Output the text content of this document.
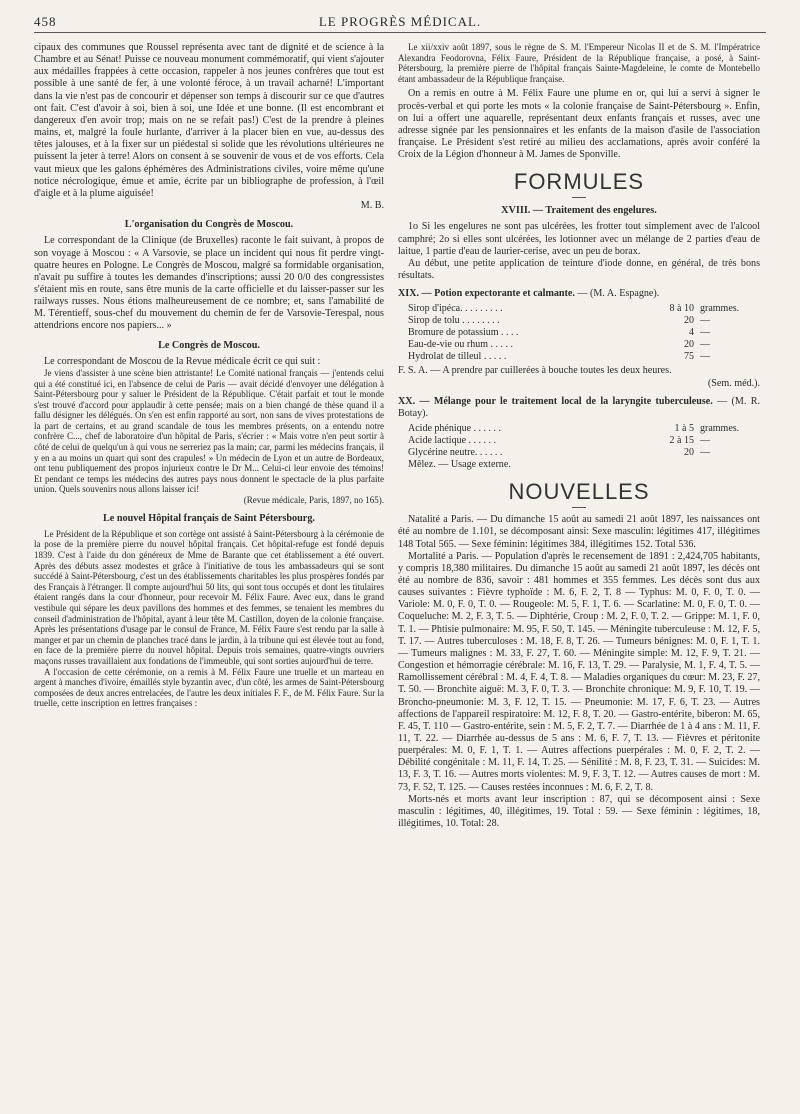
458	LE PROGRÈS MÉDICAL.

cipaux des communes que Roussel représenta avec tant de dignité et de science à la Chambre et au Sénat! Puisse ce nouveau monument commémoratif, qui vient s'ajouter aux médailles frappées à cette occasion, rappeler à nos jeunes confrères que tout est possible à une santé de fer, à une volonté féroce, à un travail acharné! L'important dans la vie n'est pas de concourir et dépenser son temps à discourir sur ce que d'autres ont fait. C'est d'avoir à soi, bien à soi, une Idée et une bonne. (Il est encombrant et dangereux d'en avoir trop; mais on ne se refait pas!) C'est de la prendre à pleines mains, et, malgré la foule hurlante, d'arriver à la placer bien en vue, au-dessus des têtes jalouses, et à la fixer sur un piédestal si solide que les révolutions ultérieures ne puissent la jeter à terre! Alors on consent à se souvenir de vous et de vos efforts. Cela vaut mieux que les galons éphémères des Administrations civiles, voire même qu'une notice nécrologique, émue et amie, écrite par un bibliographe de profession, à l'œil d'aigle et à la plume aiguisée!

M. B.

L'organisation du Congrès de Moscou.

Le correspondant de la Clinique (de Bruxelles) raconte le fait suivant, à propos de son voyage à Moscou : « A Varsovie, se place un incident qui nous fit perdre vingt-quatre heures en Pologne. Le Congrès de Moscou, malgré sa formidable organisation, n'avait pu suffire à toutes les demandes d'inscriptions; aussi 20 0/0 des congressistes s'étaient mis en route, sans être munis de la carte officielle et du laisser-passer sur les railways russes. Nous étions malheureusement de ce nombre; et, sans l'amabilité de M. Térentieff, sous-chef du mouvement du chemin de fer de Varsovie-Terespal, nous attendrions encore nos papiers... »

Le Congrès de Moscou.

Le correspondant de Moscou de la Revue médicale écrit ce qui suit :

Je viens d'assister à une scène bien attristante! Le Comité national français — j'entends celui qui a été constitué ici, en l'absence de celui de Paris — avait décidé d'envoyer une délégation à Saint-Pétersbourg pour y saluer le Président de la République. C'était parfait et tout le monde s'est trouvé d'accord pour applaudir à cette pensée; mais on a bien changé de thèse quand il a fallu désigner les délégués. On s'en est enfin rapporté au sort, non sans de vives protestations de la part de certains, et au grand scandale de tous les membres présents, on a entendu notre confrère C..., chef de laboratoire d'un hôpital de Paris, s'écrier : « Mais votre n'en peut sortir à côté de celui de quelqu'un à qui vous ne serreriez pas la main; car, parmi les médecins français, il y en a au moins un quart qui sont des crapules! » Un médecin de Lyon et un autre de Bordeaux, ont tenu publiquement des propos injurieux contre le Dr M... Celui-ci leur envoie des témoins! Et pendant ce temps les médecins des autres pays nous donnent le spectacle de la plus parfaite union. Quels souvenirs nous allons laisser ici!

(Revue médicale, Paris, 1897, no 165).

Le nouvel Hôpital français de Saint Pétersbourg.

Le Président de la République et son cortège ont assisté à Saint-Pétersbourg à la cérémonie de la pose de la première pierre du nouvel hôpital français. Cet hôpital-refuge est fondé depuis 1839. C'est à l'aide du don généreux de Mme de Barante que cet établissement a été ouvert. Après des débuts assez modestes et grâce à l'initiative de tous les ambassadeurs qui se sont succédé à Saint-Pétersbourg, c'est un des établissements charitables les plus prospères fondés par des Français à l'étranger. Il compte aujourd'hui 50 lits, qui sont tous occupés et dont les titulaires étaient rangés dans la cour d'honneur, pour recevoir M. Félix Faure. Avec eux, dans le grand vestibule qui sépare les deux pavillons des hommes et des femmes, se tenaient les membres du conseil d'administration de l'hôpital, ayant à leur tête M. Castillon, doyen de la colonie française. Après les présentations d'usage par le consul de France, M. Félix Faure s'est rendu par la salle à manger et par un chemin de planches tracé dans le jardin, à la tribune qui est élevée tout au fond, en face de la première pierre du nouvel hôpital. Depuis trois semaines, quatre-vingts ouvriers maçons russes travaillaient aux fondations de l'immeuble, qui sont sorties aujourd'hui de terre.

A l'occasion de cette cérémonie, on a remis à M. Félix Faure une truelle et un marteau en argent à manches d'ivoire, émaillés style byzantin avec, d'un côté, les armes de Saint-Pétersbourg composées de deux ancres entrelacées, de l'autre les deux initiales F. F., de M. Félix Faure. Sur la truelle, cette inscription en lettres françaises :

Le xii/xxiv août 1897, sous le règne de S. M. l'Empereur Nicolas II et de S. M. l'Impératrice Alexandra Feodorovna, Félix Faure, Président de la République française, a posé, à Saint-Pétersbourg, la première pierre de l'hôpital français Sainte-Magdeleine, le comte de Montebello étant ambassadeur de la République française.

On a remis en outre à M. Félix Faure une plume en or, qui lui a servi à signer le procès-verbal et qui porte les mots « la colonie française de Saint-Pétersbourg ». Enfin, on lui a offert une aquarelle, représentant deux enfants français et russes, avec une adresse signée par les pensionnaires et les enfants de la maison d'asile de l'association française. Le Président s'est retiré au milieu des acclamations, après avoir conféré la Croix de la Légion d'honneur à M. James de Sponville.

FORMULES

XVIII. — Traitement des engelures.

1o Si les engelures ne sont pas ulcérées, les frotter tout simplement avec de l'alcool camphré; 2o si elles sont ulcérées, les lotionner avec un mélange de 2 parties d'eau de laitue, 1 partie d'eau de laurier-cerise, avec un peu de borax.

Au début, une petite application de teinture d'iode donne, en général, de très bons résultats.

XIX. — Potion expectorante et calmante. — (M. A. Espagne).

Sirop d'ipéca. . . . . . . . .	8 à 10	grammes.
Sirop de tolu . . . . . . . .	20	—
Bromure de potassium . . . .	4	—
Eau-de-vie ou rhum . . . . .	20	—
Hydrolat de tilleul . . . . .	75	—

F. S. A. — A prendre par cuillerées à bouche toutes les deux heures.

(Sem. méd.).

XX. — Mélange pour le traitement local de la laryngite tuberculeuse. — (M. R. Botay).

Acide phénique . . . . . .	1 à 5	grammes.
Acide lactique . . . . . .	2 à 15	—
Glycérine neutre. . . . . .	20	—

Mêlez. — Usage externe.

NOUVELLES

Natalité a Paris. — Du dimanche 15 août au samedi 21 août 1897, les naissances ont été au nombre de 1.101, se décomposant ainsi: Sexe masculin: légitimes 417, illégitimes 148 Total 565. — Sexe féminin: légitimes 384, illégitimes 152. Total 536.

Mortalité a Paris. — Population d'après le recensement de 1891 : 2,424,705 habitants, y compris 18,380 militaires. Du dimanche 15 août au samedi 21 août 1897, les décès ont été au nombre de 836, savoir : 481 hommes et 355 femmes. Les décès sont dus aux causes suivantes : Fièvre typhoïde : M. 6, F. 2, T. 8 — Typhus: M. 0, F. 0, T. 0. — Variole: M. 0, F. 0, T. 0. — Rougeole: M. 5, F. 1, T. 6. — Scarlatine: M. 0, F. 0, T. 0. — Coqueluche: M. 2, F. 3, T. 5. — Diphtérie, Croup : M. 2, F. 0, T. 2. — Grippe: M. 1, F. 0, T. 1. — Phtisie pulmonaire: M. 95, F. 50, T. 145. — Méningite tuberculeuse : M. 12, F. 5, T. 17. — Autres tuberculoses : M. 18, F. 8, T. 26. — Tumeurs bénignes: M. 0, F. 1, T. 1. — Tumeurs malignes : M. 33, F. 27, T. 60. — Méningite simple: M. 12, F. 9, T. 21. — Congestion et hémorragie cérébrale: M. 16, F. 13, T. 29. — Paralysie, M. 1, F. 4, T. 5. — Ramollissement cérébral : M. 4, F. 4, T. 8. — Maladies organiques du cœur: M. 23, F. 27, T. 50. — Bronchite aiguë: M. 3, F. 0, T. 3. — Bronchite chronique: M. 9, F. 10, T. 19. — Broncho-pneumonie: M. 3, F. 12, T. 15. — Pneumonie: M. 17, F. 6, T. 23. — Autres affections de l'appareil respiratoire: M. 12, F. 8, T. 20. — Gastro-entérite, biberon: M. 65, F. 45, T. 110 — Gastro-entérite, sein : M. 5, F. 2, T. 7. — Diarrhée de 1 à 4 ans : M. 11, F. 11, T. 22. — Diarrhée au-dessus de 5 ans : M. 6, F. 7, T. 13. — Fièvres et péritonite puerpérales: M. 0, F. 1, T. 1. — Autres affections puerpérales : M. 0, F. 2, T. 2. — Débilité congénitale : M. 11, F. 14, T. 25. — Sénilité : M. 8, F. 23, T. 31. — Suicides: M. 13, F. 3, T. 16. — Autres morts violentes: M. 9, F. 3, T. 12. — Autres causes de mort : M. 73, F. 52, T. 125. — Causes restées inconnues : M. 6, F. 2, T. 8.

Morts-nés et morts avant leur inscription : 87, qui se décomposent ainsi : Sexe masculin : légitimes, 40, illégitimes, 19. Total : 59. — Sexe féminin : légitimes, 18, illégitimes, 10. Total: 28.
